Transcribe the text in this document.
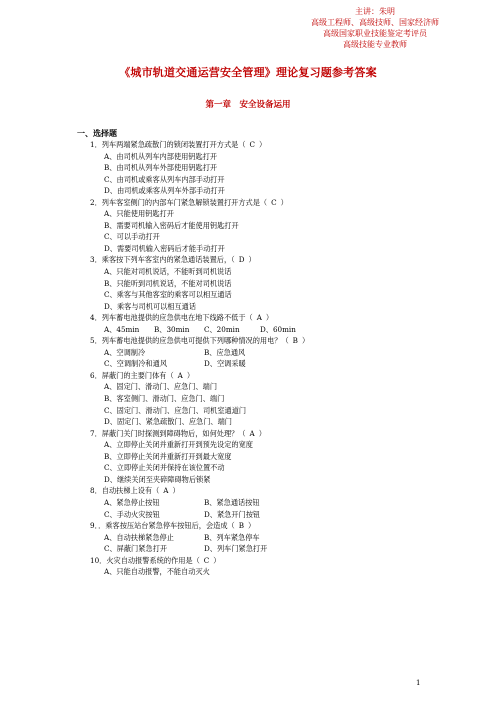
主讲：朱明
高级工程师、高级技师、国家经济师
高级国家职业技能鉴定考评员
高级技能专业教师
《城市轨道交通运营安全管理》理论复习题参考答案
第一章　安全设备运用
一、选择题
1．列车两端紧急疏散门的锁闭装置打开方式是（ C ）
A、由司机从列车内部使用钥匙打开
B、由司机从列车外部使用钥匙打开
C、由司机或乘客从列车内部手动打开
D、由司机或乘客从列车外部手动打开
2．列车客室侧门的内部车门紧急解锁装置打开方式是（ C ）
A、只能使用钥匙打开
B、需要司机输入密码后才能使用钥匙打开
C、可以手动打开
D、需要司机输入密码后才能手动打开
3．乘客按下列车客室内的紧急通话装置后，（ D ）
A、只能对司机说话，不能听到司机说话
B、只能听到司机说话，不能对司机说话
C、乘客与其他客室的乘客可以相互通话
D、乘客与司机可以相互通话
4．列车蓄电池提供的应急供电在地下线路不低于（ A ）
A、45min	B、30min	C、20min	D、60min
5．列车蓄电池提供的应急供电可提供下列哪种情况的用电？（ B ）
A、空调制冷	B、应急通风
C、空调制冷和通风	D、空调采暖
6．屏蔽门的主要门体有（ A ）
A、固定门、滑动门、应急门、端门
B、客室侧门、滑动门、应急门、端门
C、固定门、滑动门、应急门、司机室通道门
D、固定门、紧急疏散门、应急门、端门
7．屏蔽门关门时探测到障碍物后，如何处理？（ A ）
A、立即停止关闭并重新打开到预先设定的宽度
B、立即停止关闭并重新打开到最大宽度
C、立即停止关闭并保持在该位置不动
D、继续关闭至夹碎障碍物后锁紧
8．自动扶梯上设有（ A ）
A、紧急停止按钮	B、紧急通话按钮
C、手动火灾按钮	D、紧急开门按钮
9．．乘客按压站台紧急停车按钮后，会造成（ B ）
A、自动扶梯紧急停止	B、列车紧急停车
C、屏蔽门紧急打开	D、列车门紧急打开
10．火灾自动报警系统的作用是（ C ）
A、只能自动报警，不能自动灭火
1
